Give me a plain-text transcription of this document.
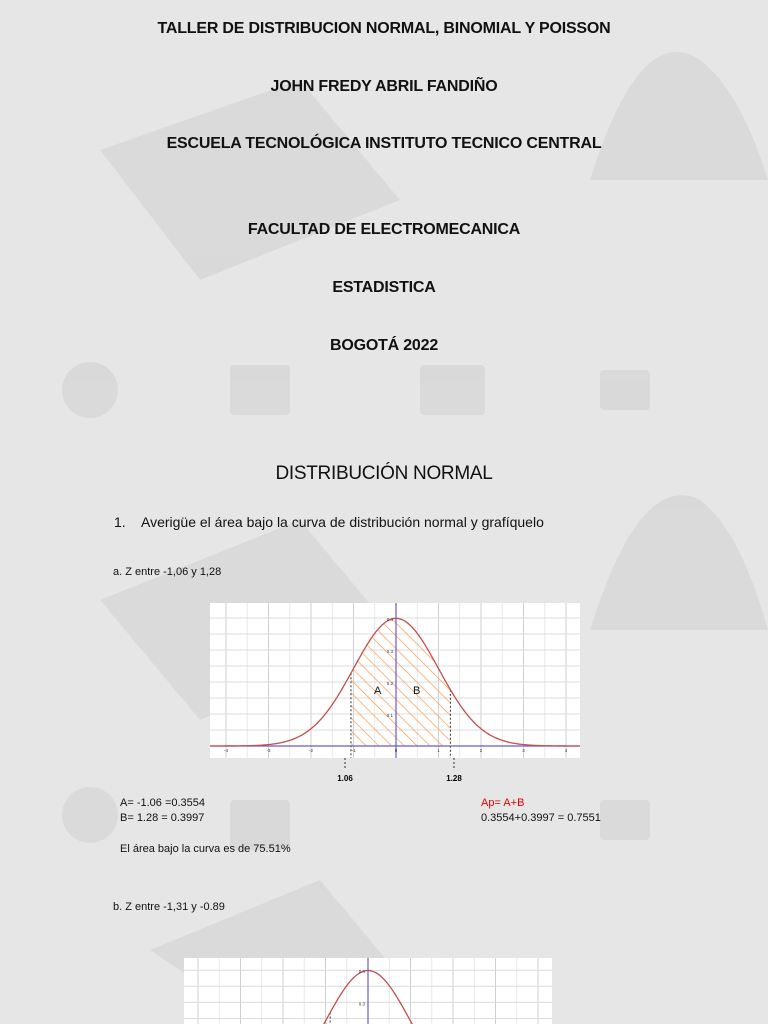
TALLER DE DISTRIBUCION NORMAL, BINOMIAL Y POISSON
JOHN FREDY ABRIL FANDIÑO
ESCUELA TECNOLÓGICA INSTITUTO TECNICO CENTRAL
FACULTAD DE ELECTROMECANICA
ESTADISTICA
BOGOTÁ 2022
DISTRIBUCIÓN NORMAL
1. Averigüe el área bajo la curva de distribución normal y grafíquelo
a. Z entre -1,06 y 1,28
-4	-3	-2	-1	0	1	2	3	4
0.4
0.3
0.2
0.1
A	B
1.06	1.28
A= -1.06 =0.3554
B= 1.28 = 0.3997
Ap= A+B
0.3554+0.3997 = 0.7551
El área bajo la curva es de 75.51%
b. Z entre -1,31 y -0.89
0.4
0.3
